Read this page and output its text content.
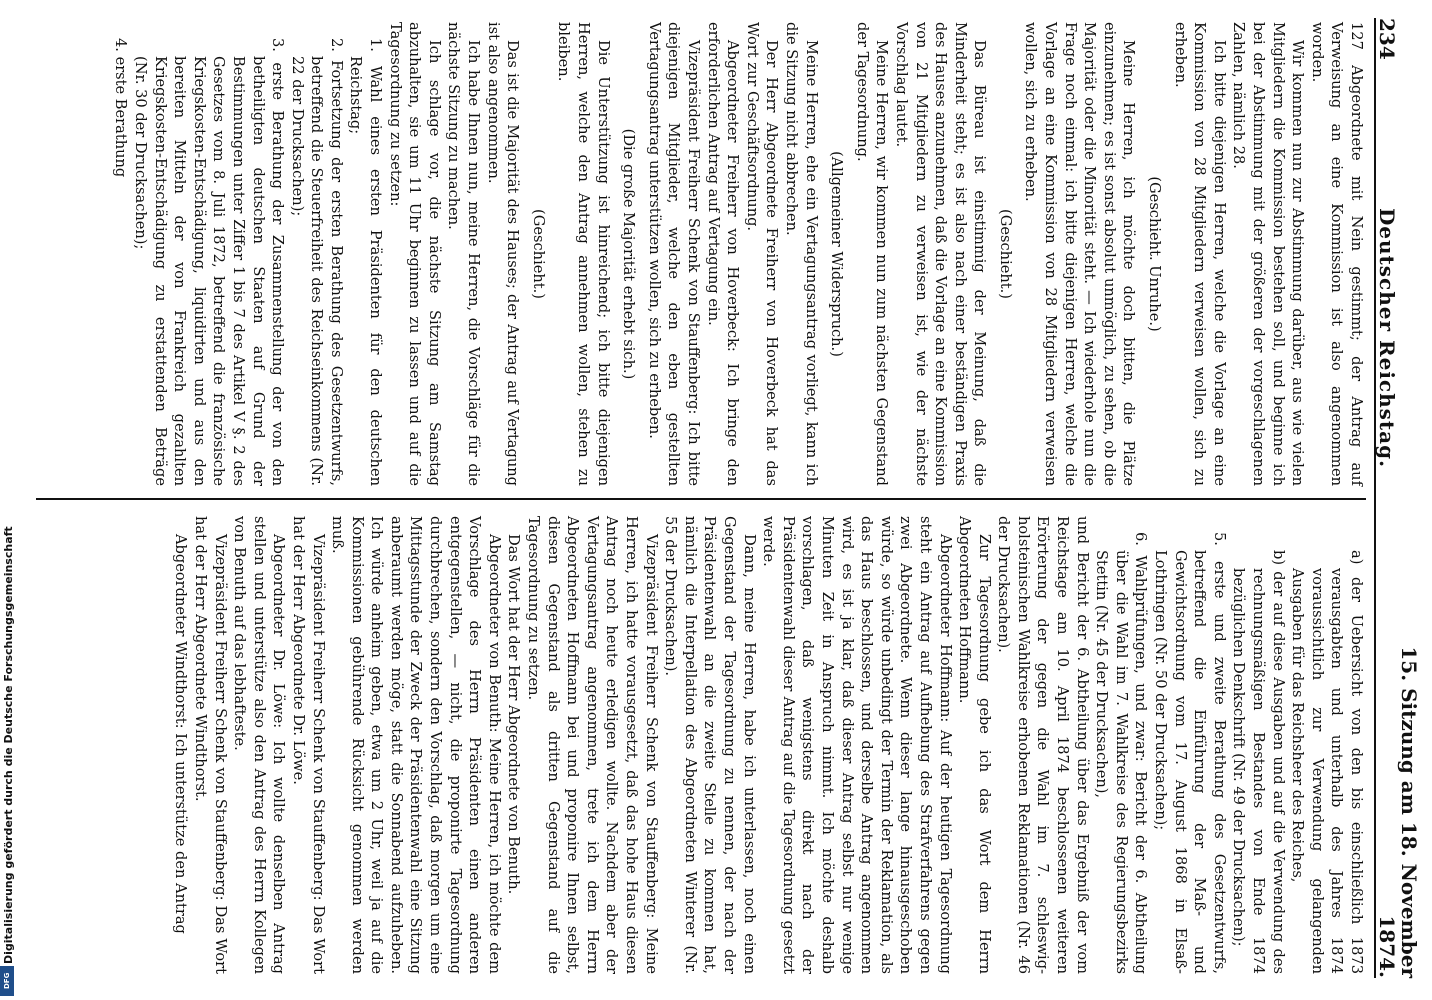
234
Deutscher Reichstag.
15. Sitzung am 18. November 1874.

127 Abgeordnete mit Nein gestimmt; der Antrag auf Verweisung an eine Kommission ist also angenommen worden.

Wir kommen nun zur Abstimmung darüber, aus wie vielen Mitgliedern die Kommission bestehen soll, und beginne ich bei der Abstimmung mit der größeren der vorgeschlagenen Zahlen, nämlich 28.

Ich bitte diejenigen Herren, welche die Vorlage an eine Kommission von 28 Mitgliedern verweisen wollen, sich zu erheben.

(Geschieht. Unruhe.)

Meine Herren, ich möchte doch bitten, die Plätze einzunehmen; es ist sonst absolut unmöglich, zu sehen, ob die Majorität oder die Minorität steht. — Ich wiederhole nun die Frage noch einmal: ich bitte diejenigen Herren, welche die Vorlage an eine Kommission von 28 Mitgliedern verweisen wollen, sich zu erheben.

(Geschieht.)

Das Büreau ist einstimmig der Meinung, daß die Minderheit steht; es ist also nach einer beständigen Praxis des Hauses anzunehmen, daß die Vorlage an eine Kommission von 21 Mitgliedern zu verweisen ist, wie der nächste Vorschlag lautet.

Meine Herren, wir kommen nun zum nächsten Gegenstand der Tagesordnung.

(Allgemeiner Widerspruch.)

Meine Herren, ehe ein Vertagungsantrag vorliegt, kann ich die Sitzung nicht abbrechen.

Der Herr Abgeordnete Freiherr von Hoverbeck hat das Wort zur Geschäftsordnung.

Abgeordneter Freiherr von Hoverbeck: Ich bringe den erforderlichen Antrag auf Vertagung ein.

Vizepräsident Freiherr Schenk von Stauffenberg: Ich bitte diejenigen Mitglieder, welche den eben gestellten Vertagungsantrag unterstützen wollen, sich zu erheben.

(Die große Majorität erhebt sich.)

Die Unterstützung ist hinreichend; ich bitte diejenigen Herren, welche den Antrag annehmen wollen, stehen zu bleiben.

(Geschieht.)

Das ist die Majorität des Hauses; der Antrag auf Vertagung ist also angenommen.

Ich habe Ihnen nun, meine Herren, die Vorschläge für die nächste Sitzung zu machen.

Ich schlage vor, die nächste Sitzung am Samstag abzuhalten, sie um 11 Uhr beginnen zu lassen und auf die Tagesordnung zu setzen:

1. Wahl eines ersten Präsidenten für den deutschen Reichstag;

2. Fortsetzung der ersten Berathung des Gesetzentwurfs, betreffend die Steuerfreiheit des Reichseinkommens (Nr. 22 der Drucksachen);

3. erste Berathung der Zusammenstellung der von den betheiligten deutschen Staaten auf Grund der Bestimmungen unter Ziffer 1 bis 7 des Artikel V §. 2 des Gesetzes vom 8. Juli 1872, betreffend die französische Kriegskosten-Entschädigung, liquidirten und aus den bereiten Mitteln der von Frankreich gezahlten Kriegskosten-Entschädigung zu erstattenden Beträge (Nr. 30 der Drucksachen);

4. erste Berathung

a) der Uebersicht von den bis einschließlich 1873 verausgabten und unterhalb des Jahres 1874 voraussichtlich zur Verwendung gelangenden Ausgaben für das Reichsheer des Reiches,

b) der auf diese Ausgaben und auf die Verwendung des rechnungsmäßigen Bestandes von Ende 1874 bezüglichen Denkschrift (Nr. 49 der Drucksachen);

5. erste und zweite Berathung des Gesetzentwurfs, betreffend die Einführung der Maß- und Gewichtsordnung vom 17. August 1868 in Elsaß-Lothringen (Nr. 50 der Drucksachen);

6. Wahlprüfungen, und zwar: Bericht der 6. Abtheilung über die Wahl im 7. Wahlkreise des Regierungsbezirks Stettin (Nr. 45 der Drucksachen),

und Bericht der 6. Abtheilung über das Ergebniß der vom Reichstage am 10. April 1874 beschlossenen weiteren Erörterung der gegen die Wahl im 7. schleswig-holsteinischen Wahlkreise erhobenen Reklamationen (Nr. 46 der Drucksachen).

Zur Tagesordnung gebe ich das Wort dem Herrn Abgeordneten Hoffmann.

Abgeordneter Hoffmann: Auf der heutigen Tagesordnung steht ein Antrag auf Aufhebung des Strafverfahrens gegen zwei Abgeordnete. Wenn dieser lange hinausgeschoben würde, so würde unbedingt der Termin der Reklamation, als das Haus beschlossen, und derselbe Antrag angenommen wird, es ist ja klar, daß dieser Antrag selbst nur wenige Minuten Zeit in Anspruch nimmt. Ich möchte deshalb vorschlagen, daß wenigstens direkt nach der Präsidentenwahl dieser Antrag auf die Tagesordnung gesetzt werde.

Dann, meine Herren, habe ich unterlassen, noch einen Gegenstand der Tagesordnung zu nennen, der nach der Präsidentenwahl an die zweite Stelle zu kommen hat, nämlich die Interpellation des Abgeordneten Winterer (Nr. 55 der Drucksachen).

Vizepräsident Freiherr Schenk von Stauffenberg: Meine Herren, ich hatte vorausgesetzt, daß das hohe Haus diesen Antrag noch heute erledigen wollte. Nachdem aber der Vertagungsantrag angenommen, trete ich dem Herrn Abgeordneten Hoffmann bei und proponire Ihnen selbst, diesen Gegenstand als dritten Gegenstand auf die Tagesordnung zu setzen.

Das Wort hat der Herr Abgeordnete von Benuth.

Abgeordneter von Benuth: Meine Herren, ich möchte dem Vorschlage des Herrn Präsidenten einen anderen entgegenstellen, — nicht, die proponirte Tagesordnung durchbrechen, sondern den Vorschlag, daß morgen um eine Mittagsstunde der Zweck der Präsidentenwahl eine Sitzung anberaumt werden möge, statt die Sonnabend aufzuheben. Ich würde anheim geben, etwa um 2 Uhr, weil ja auf die Kommissionen gebührende Rücksicht genommen werden muß.

Vizepräsident Freiherr Schenk von Stauffenberg: Das Wort hat der Herr Abgeordnete Dr. Löwe.

Abgeordneter Dr. Löwe: Ich wollte denselben Antrag stellen und unterstütze also den Antrag des Herrn Kollegen von Benuth auf das lebhafteste.

Vizepräsident Freiherr Schenk von Stauffenberg: Das Wort hat der Herr Abgeordnete Windthorst.

Abgeordneter Windthorst: Ich unterstütze den Antrag

Digitalisierung gefördert durch die Deutsche Forschungsgemeinschaft
DFG
